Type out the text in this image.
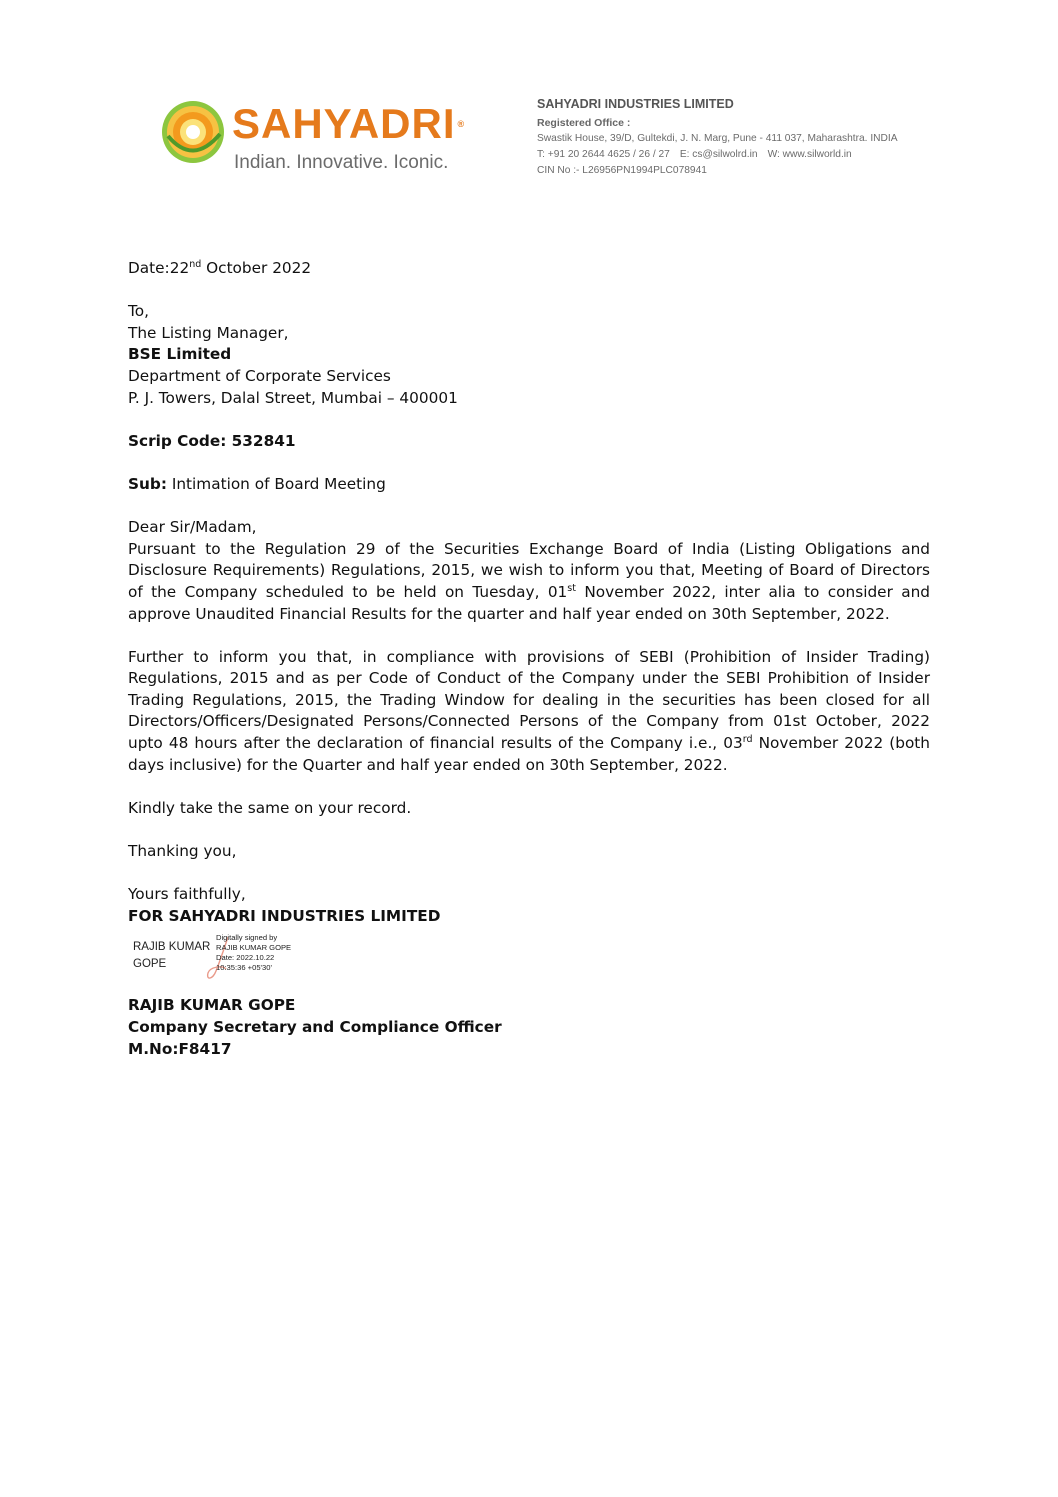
SAHYADRI ®
Indian. Innovative. Iconic.
SAHYADRI INDUSTRIES LIMITED
Registered Office :
Swastik House, 39/D, Gultekdi, J. N. Marg, Pune - 411 037, Maharashtra. INDIA
T: +91 20 2644 4625 / 26 / 27 E: cs@silwolrd.in W: www.silworld.in
CIN No :- L26956PN1994PLC078941

Date:22nd October 2022

To,

The Listing Manager,

BSE Limited

Department of Corporate Services

P. J. Towers, Dalal Street, Mumbai – 400001

Scrip Code: 532841

Sub: Intimation of Board Meeting

Dear Sir/Madam,

Pursuant to the Regulation 29 of the Securities Exchange Board of India (Listing Obligations and Disclosure Requirements) Regulations, 2015, we wish to inform you that, Meeting of Board of Directors of the Company scheduled to be held on Tuesday, 01st November 2022, inter alia to consider and approve Unaudited Financial Results for the quarter and half year ended on 30th September, 2022.

Further to inform you that, in compliance with provisions of SEBI (Prohibition of Insider Trading) Regulations, 2015 and as per Code of Conduct of the Company under the SEBI Prohibition of Insider Trading Regulations, 2015, the Trading Window for dealing in the securities has been closed for all Directors/Officers/Designated Persons/Connected Persons of the Company from 01st October, 2022 upto 48 hours after the declaration of financial results of the Company i.e., 03rd November 2022 (both days inclusive) for the Quarter and half year ended on 30th September, 2022.

Kindly take the same on your record.

Thanking you,

Yours faithfully,

FOR SAHYADRI INDUSTRIES LIMITED

RAJIB KUMAR
GOPE
Digitally signed by
RAJIB KUMAR GOPE
Date: 2022.10.22
10:35:36 +05'30'

RAJIB KUMAR GOPE

Company Secretary and Compliance Officer

M.No:F8417
